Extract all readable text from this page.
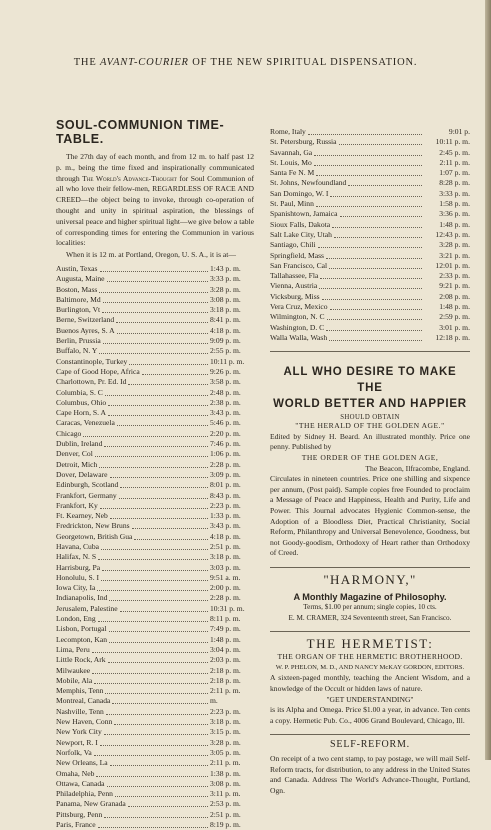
THE AVANT-COURIER OF THE NEW SPIRITUAL DISPENSATION.
SOUL-COMMUNION TIME-TABLE.

The 27th day of each month, and from 12 m. to half past 12 p. m., being the time fixed and inspirationally communicated through The World's Advance-Thought for Soul Communion of all who love their fellow-men, REGARDLESS OF RACE AND CREED—the object being to invoke, through co-operation of thought and unity in spiritual aspiration, the blessings of universal peace and higher spiritual light—we give below a table of corresponding times for entering the Communion in various localities:

When it is 12 m. at Portland, Oregon, U. S. A., it is at—

Austin, Texas	1:43 p. m.
Augusta, Maine	3:33 p. m.
Boston, Mass	3:28 p. m.
Baltimore, Md	3:08 p. m.
Burlington, Vt	3:18 p. m.
Berne, Switzerland	8:41 p. m.
Buenos Ayres, S. A	4:18 p. m.
Berlin, Prussia	9:09 p. m.
Buffalo, N. Y	2:55 p. m.
Constantinople, Turkey	10:11 p. m.
Cape of Good Hope, Africa	9:26 p. m.
Charlottown, Pr. Ed. Id	3:58 p. m.
Columbia, S. C	2:48 p. m.
Columbus, Ohio	2:38 p. m.
Cape Horn, S. A	3:43 p. m.
Caracas, Venezuela	5:46 p. m.
Chicago	2:20 p. m.
Dublin, Ireland	7:46 p. m.
Denver, Col	1:06 p. m.
Detroit, Mich	2:28 p. m.
Dover, Delaware	3:09 p. m.
Edinburgh, Scotland	8:01 p. m.
Frankfort, Germany	8:43 p. m.
Frankfort, Ky	2:23 p. m.
Ft. Kearney, Neb	1:33 p. m.
Fredrickton, New Bruns	3:43 p. m.
Georgetown, British Gua	4:18 p. m.
Havana, Cuba	2:51 p. m.
Halifax, N. S	3:18 p. m.
Harrisburg, Pa	3:03 p. m.
Honolulu, S. I	9:51 a. m.
Iowa City, Ia	2:00 p. m.
Indianapolis, Ind	2:28 p. m.
Jerusalem, Palestine	10:31 p. m.
London, Eng	8:11 p. m.
Lisbon, Portugal	7:49 p. m.
Lecompton, Kan	1:48 p. m.
Lima, Peru	3:04 p. m.
Little Rock, Ark	2:03 p. m.
Milwaukee	2:18 p. m.
Mobile, Ala	2:18 p. m.
Memphis, Tenn	2:11 p. m.
Montreal, Canada	m.
Nashville, Tenn	2:23 p. m.
New Haven, Conn	3:18 p. m.
New York City	3:15 p. m.
Newport, R. I	3:28 p. m.
Norfolk, Va	3:05 p. m.
New Orleans, La	2:11 p. m.
Omaha, Neb	1:38 p. m.
Ottawa, Canada	3:08 p. m.
Philadelphia, Penn	3:11 p. m.
Panama, New Granada	2:53 p. m.
Pittsburg, Penn	2:51 p. m.
Paris, France	8:19 p. m.
Rome, Italy	9:01 p.
St. Petersburg, Russia	10:11 p. m.
Savannah, Ga	2:45 p. m.
St. Louis, Mo	2:11 p. m.
Santa Fe N. M	1:07 p. m.
St. Johns, Newfoundland	8:28 p. m.
San Domingo, W. I	3:33 p. m.
St. Paul, Minn	1:58 p. m.
Spanishtown, Jamaica	3:36 p. m.
Sioux Falls, Dakota	1:48 p. m.
Salt Lake City, Utah	12:43 p. m.
Santiago, Chili	3:28 p. m.
Springfield, Mass	3:21 p. m.
San Francisco, Cal	12:01 p. m.
Tallahassee, Fla	2:33 p. m.
Vienna, Austria	9:21 p. m.
Vicksburg, Miss	2:08 p. m.
Vera Cruz, Mexico	1:48 p. m.
Wilmington, N. C	2:59 p. m.
Washington, D. C	3:01 p. m.
Walla Walla, Wash	12:18 p. m.
ALL WHO DESIRE TO MAKE THE
WORLD BETTER AND HAPPIER
SHOULD OBTAIN
"THE HERALD OF THE GOLDEN AGE."

Edited by Sidney H. Beard. An illustrated monthly. Price one penny. Published by

THE ORDER OF THE GOLDEN AGE,
The Beacon, Ilfracombe, England.

Circulates in nineteen countries. Price one shilling and sixpence per annum, (Post paid). Sample copies free Founded to proclaim a Message of Peace and Happiness, Health and Purity, Life and Power. This Journal advocates Hygienic Common-sense, the Adoption of a Bloodless Diet, Practical Christianity, Social Reform, Philanthropy and Universal Benevolence, Goodness, but not Goody-goodism, Orthodoxy of Heart rather than Orthodoxy of Creed.

"HARMONY,"
A Monthly Magazine of Philosophy.
Terms, $1.00 per annum; single copies, 10 cts.
E. M. CRAMER, 324 Seventeenth street, San Francisco.
THE HERMETIST:
THE ORGAN OF THE HERMETIC BROTHERHOOD.
W. P. PHELON, M. D., AND NANCY McKAY GORDON, EDITORS.

A sixteen-paged monthly, teaching the Ancient Wisdom, and a knowledge of the Occult or hidden laws of nature.

"GET UNDERSTANDING"

is its Alpha and Omega. Price $1.00 a year, in advance. Ten cents a copy. Hermetic Pub. Co., 4006 Grand Boulevard, Chicago, Ill.

SELF-REFORM.

On receipt of a two cent stamp, to pay postage, we will mail Self-Reform tracts, for distribution, to any address in the United States and Canada. Address The World's Advance-Thought, Portland, Ogn.
